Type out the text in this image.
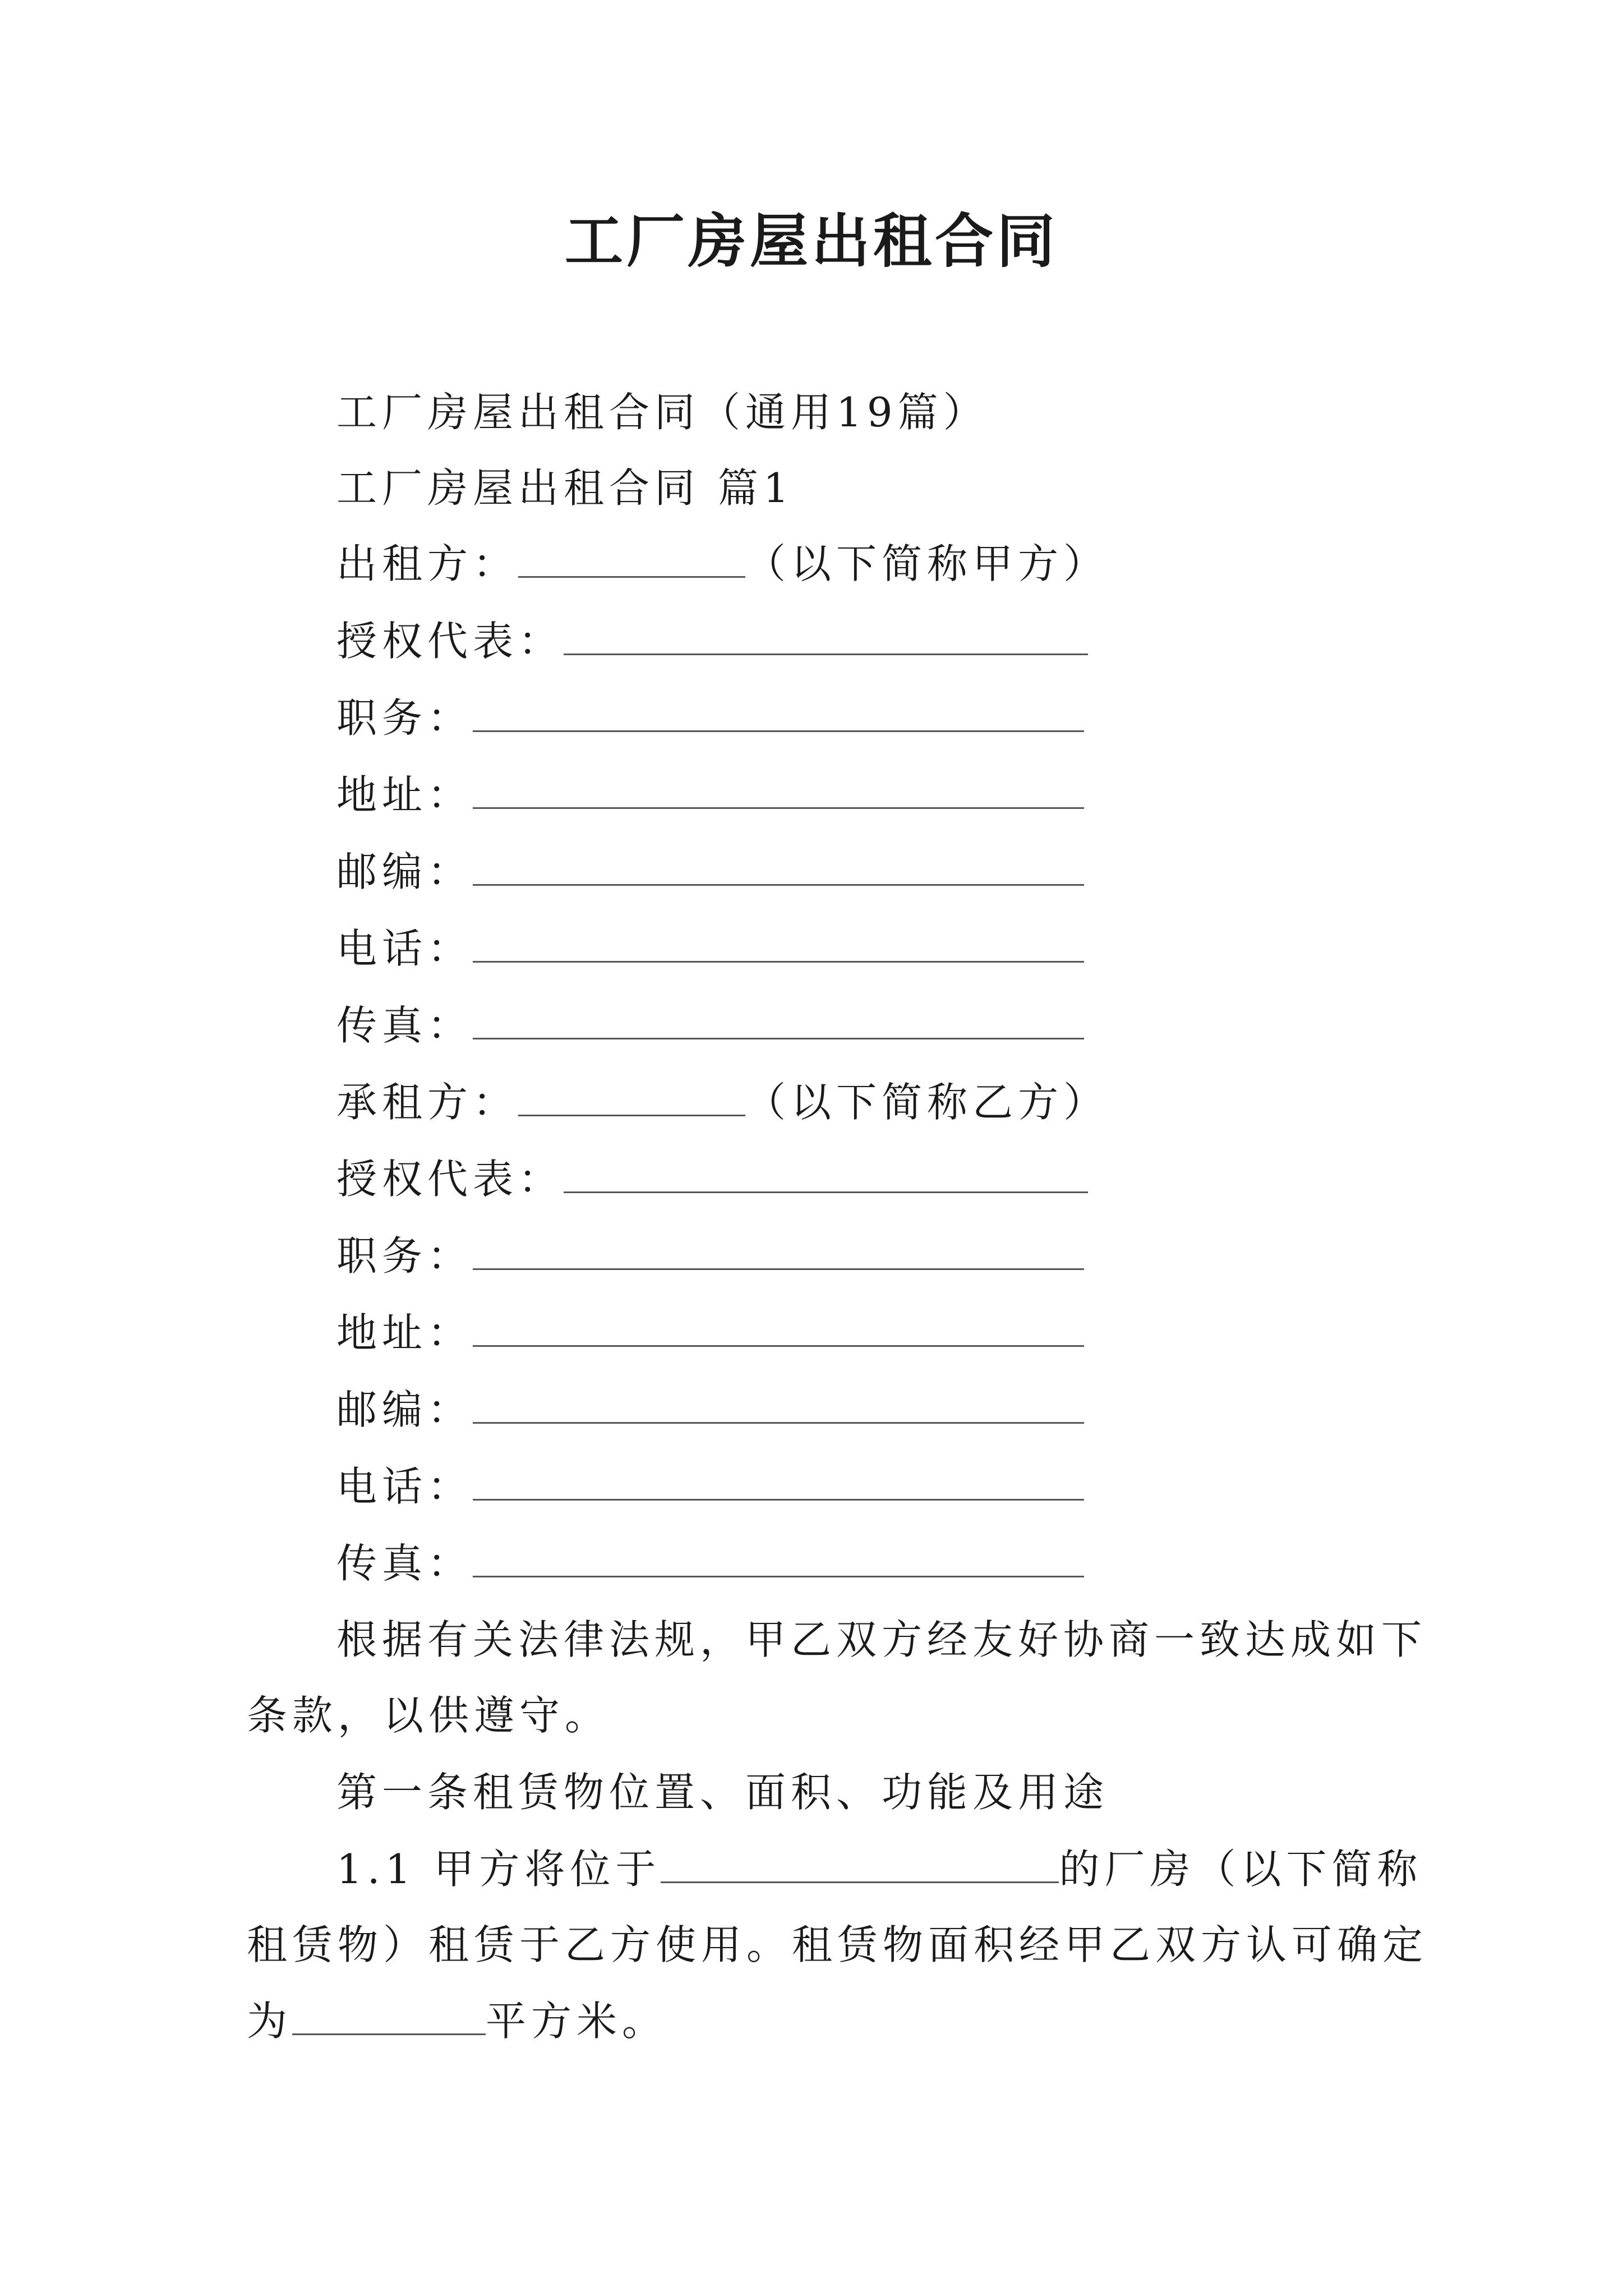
工厂房屋出租合同
工厂房屋出租合同（通用19篇）
工厂房屋出租合同 篇1
出租方：	（以下简称甲方）
授权代表：
职务：
地址：
邮编：
电话：
传真：
承租方：	（以下简称乙方）
授权代表：
职务：
地址：
邮编：
电话：
传真：
根据有关法律法规，甲乙双方经友好协商一致达成如下
条款，以供遵守。
第一条租赁物位置、面积、功能及用途
1.1 甲方将位于	的厂房（以下简称
租赁物）租赁于乙方使用。租赁物面积经甲乙双方认可确定
为	平方米。
